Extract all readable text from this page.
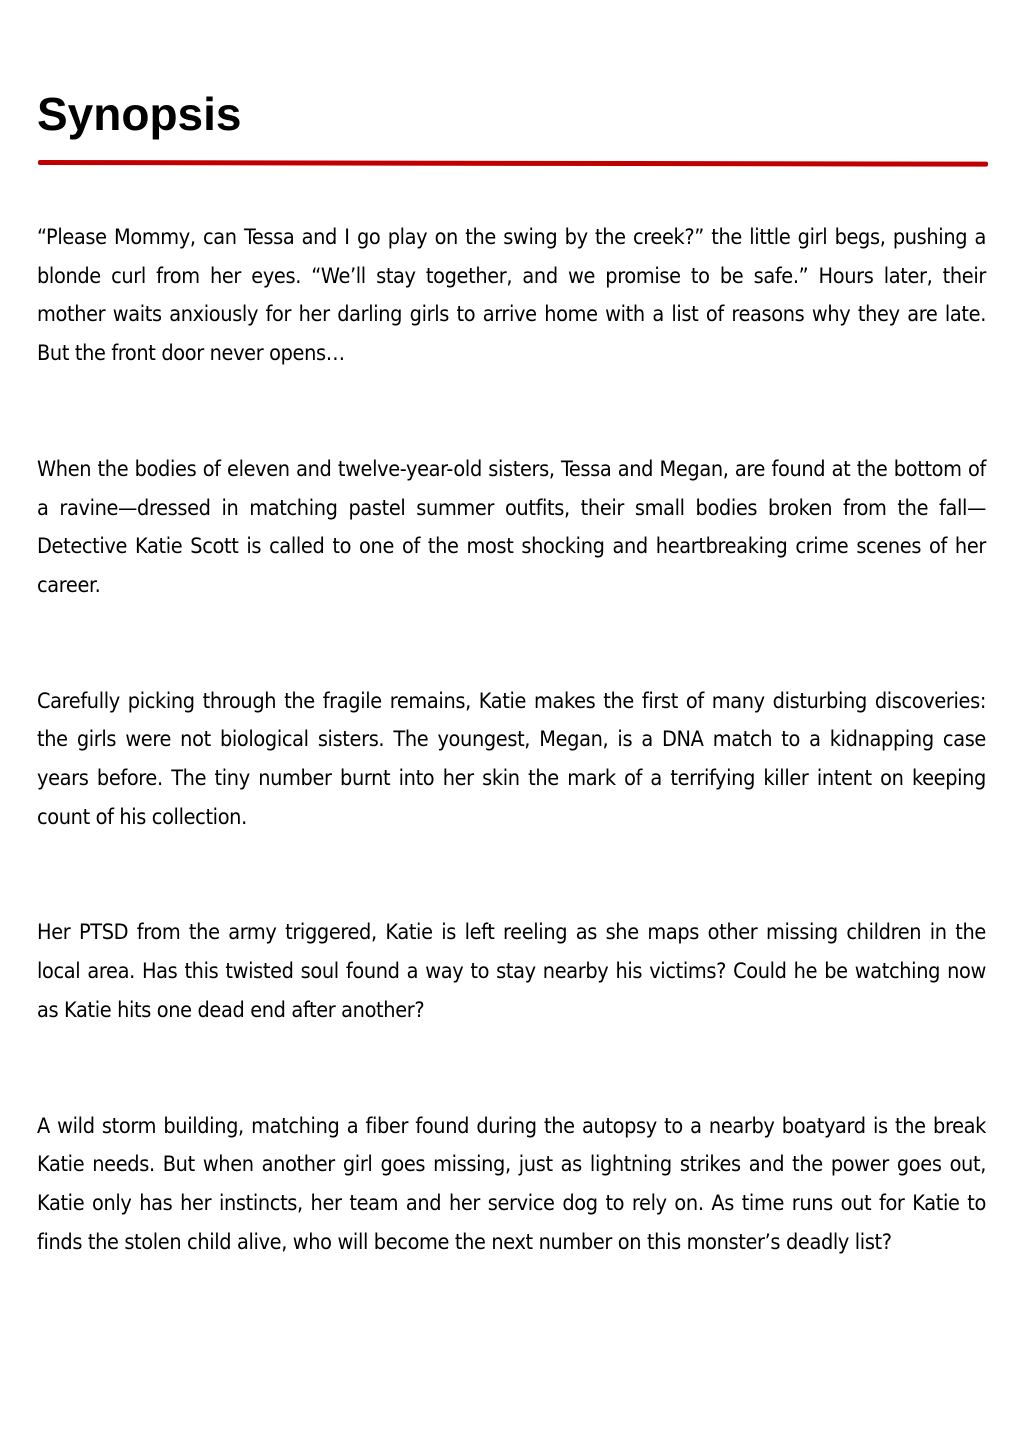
Synopsis

“Please Mommy, can Tessa and I go play on the swing by the creek?” the little girl begs, pushing a blonde curl from her eyes. “We’ll stay together, and we promise to be safe.” Hours later, their mother waits anxiously for her darling girls to arrive home with a list of reasons why they are late. But the front door never opens…

When the bodies of eleven and twelve-year-old sisters, Tessa and Megan, are found at the bottom of a ravine—dressed in matching pastel summer outfits, their small bodies broken from the fall—Detective Katie Scott is called to one of the most shocking and heartbreaking crime scenes of her career.

Carefully picking through the fragile remains, Katie makes the first of many disturbing discoveries: the girls were not biological sisters. The youngest, Megan, is a DNA match to a kidnapping case years before. The tiny number burnt into her skin the mark of a terrifying killer intent on keeping count of his collection.

Her PTSD from the army triggered, Katie is left reeling as she maps other missing children in the local area. Has this twisted soul found a way to stay nearby his victims? Could he be watching now as Katie hits one dead end after another?

A wild storm building, matching a fiber found during the autopsy to a nearby boatyard is the break Katie needs. But when another girl goes missing, just as lightning strikes and the power goes out, Katie only has her instincts, her team and her service dog to rely on. As time runs out for Katie to finds the stolen child alive, who will become the next number on this monster’s deadly list?
